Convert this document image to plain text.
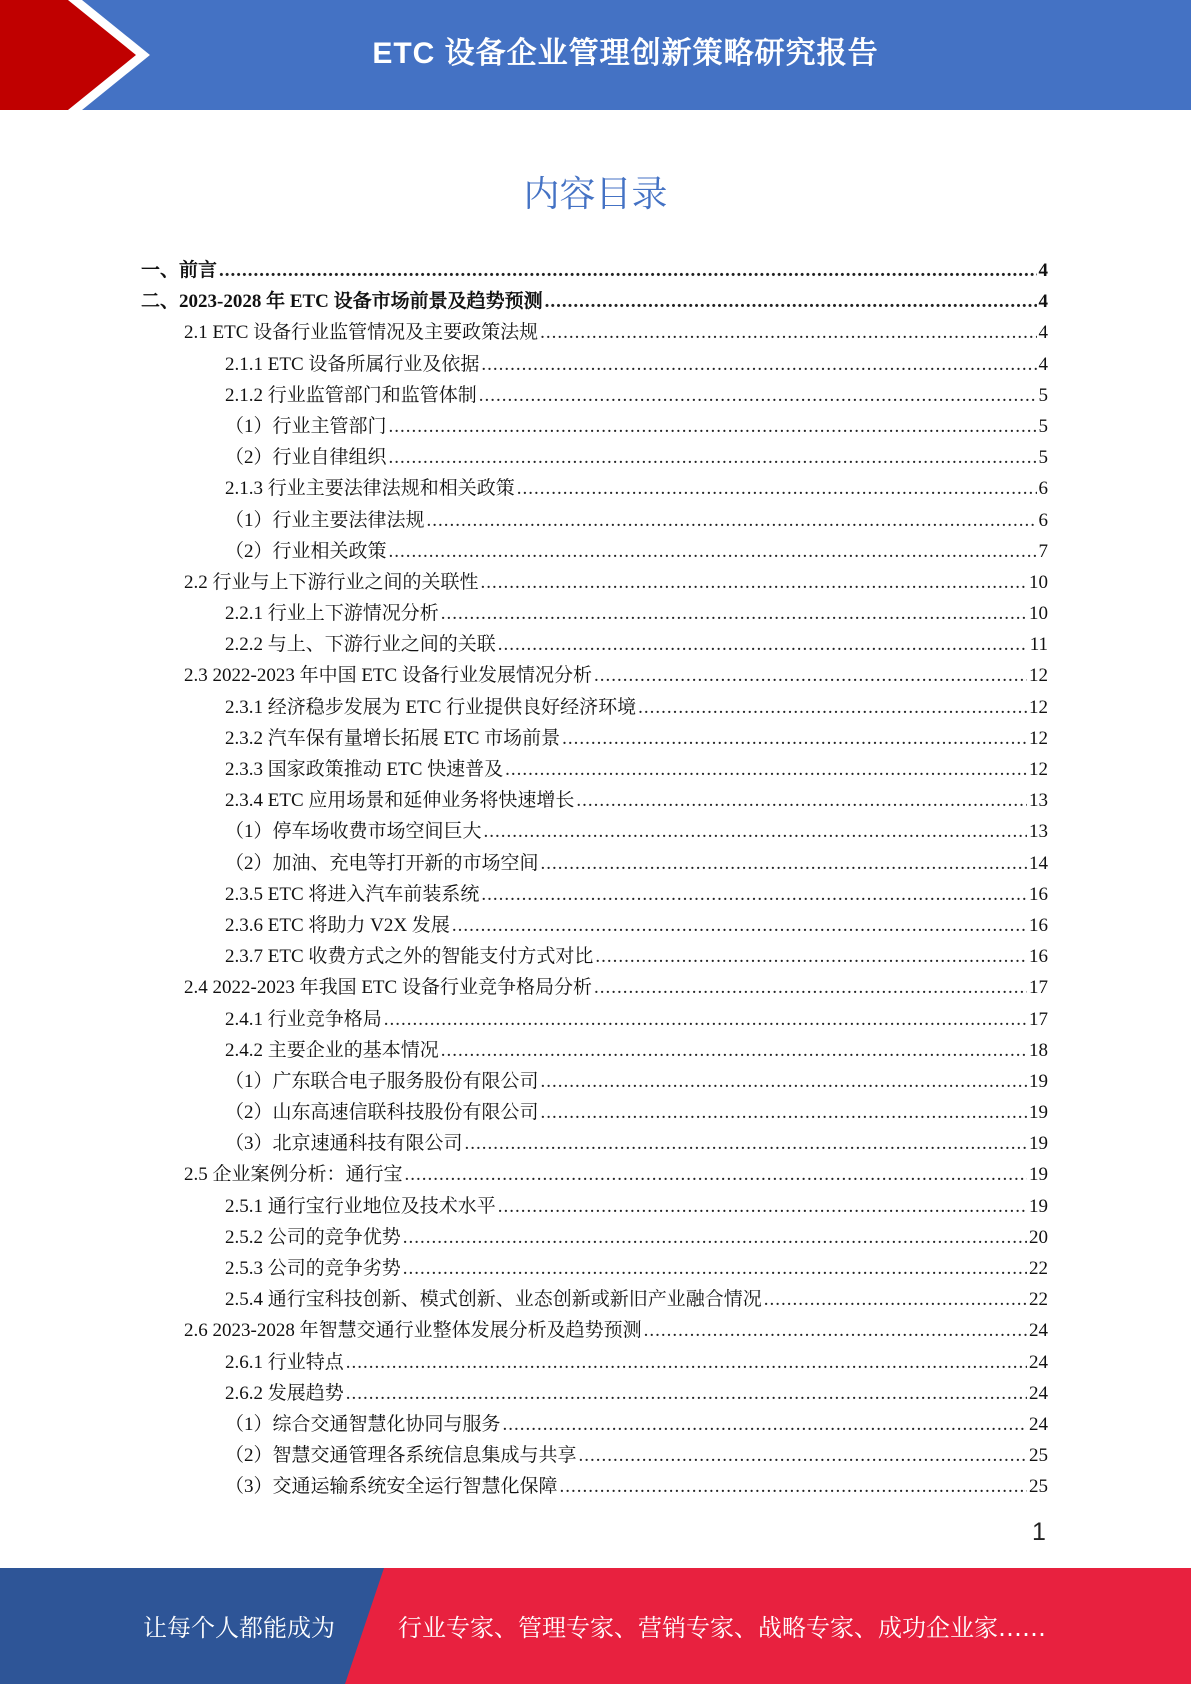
ETC 设备企业管理创新策略研究报告
内容目录
一、前言 .....	4
二、2023-2028 年 ETC 设备市场前景及趋势预测 .....	4
2.1 ETC 设备行业监管情况及主要政策法规 .....	4
2.1.1 ETC 设备所属行业及依据 .....	4
2.1.2 行业监管部门和监管体制 .....	5
（1）行业主管部门 .....	5
（2）行业自律组织 .....	5
2.1.3 行业主要法律法规和相关政策 .....	6
（1）行业主要法律法规 .....	6
（2）行业相关政策 .....	7
2.2 行业与上下游行业之间的关联性 .....	10
2.2.1 行业上下游情况分析 .....	10
2.2.2 与上、下游行业之间的关联 .....	11
2.3 2022-2023 年中国 ETC 设备行业发展情况分析 .....	12
2.3.1 经济稳步发展为 ETC 行业提供良好经济环境 .....	12
2.3.2 汽车保有量增长拓展 ETC 市场前景 .....	12
2.3.3 国家政策推动 ETC 快速普及 .....	12
2.3.4 ETC 应用场景和延伸业务将快速增长 .....	13
（1）停车场收费市场空间巨大 .....	13
（2）加油、充电等打开新的市场空间 .....	14
2.3.5 ETC 将进入汽车前装系统 .....	16
2.3.6 ETC 将助力 V2X 发展 .....	16
2.3.7 ETC 收费方式之外的智能支付方式对比 .....	16
2.4 2022-2023 年我国 ETC 设备行业竞争格局分析 .....	17
2.4.1 行业竞争格局 .....	17
2.4.2 主要企业的基本情况 .....	18
（1）广东联合电子服务股份有限公司 .....	19
（2）山东高速信联科技股份有限公司 .....	19
（3）北京速通科技有限公司 .....	19
2.5 企业案例分析：通行宝 .....	19
2.5.1 通行宝行业地位及技术水平 .....	19
2.5.2 公司的竞争优势 .....	20
2.5.3 公司的竞争劣势 .....	22
2.5.4 通行宝科技创新、模式创新、业态创新或新旧产业融合情况 .....	22
2.6 2023-2028 年智慧交通行业整体发展分析及趋势预测 .....	24
2.6.1 行业特点 .....	24
2.6.2 发展趋势 .....	24
（1）综合交通智慧化协同与服务 .....	24
（2）智慧交通管理各系统信息集成与共享 .....	25
（3）交通运输系统安全运行智慧化保障 .....	25
1
让每个人都能成为	行业专家、管理专家、营销专家、战略专家、成功企业家……
